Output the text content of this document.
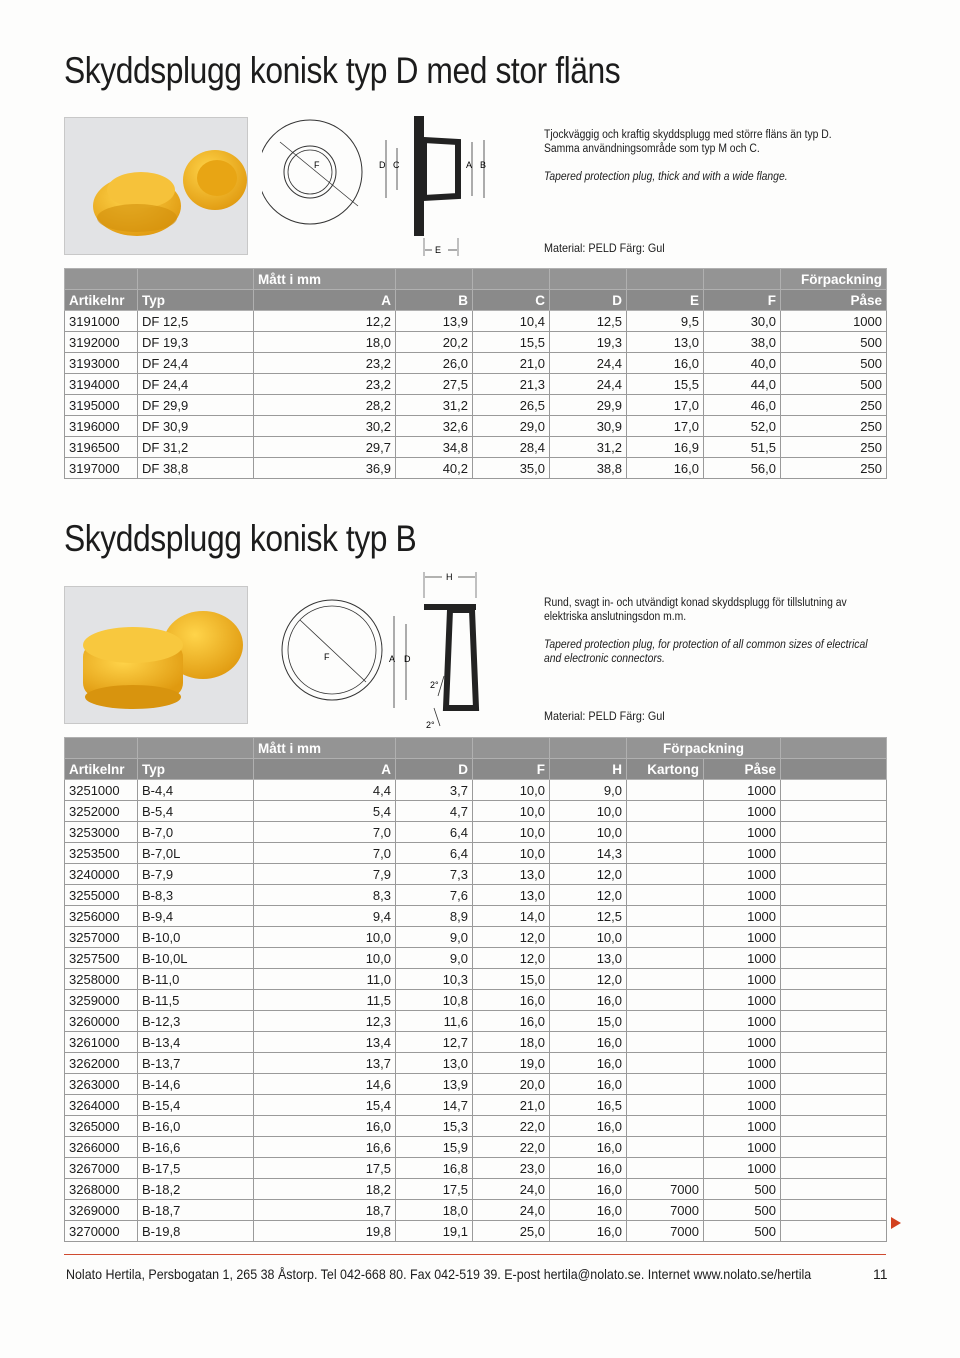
Skyddsplugg konisk typ D med stor fläns
F	D C	A B
E

Tjockväggig och kraftig skyddsplugg med större fläns än typ D. Samma användningsområde som typ M och C.

Tapered protection plug, thick and with a wide flange.

Material: PELD Färg: Gul
		Mått i mm						Förpackning
Artikelnr	Typ	A	B	C	D	E	F	Påse
3191000	DF 12,5	12,2	13,9	10,4	12,5	9,5	30,0	1000
3192000	DF 19,3	18,0	20,2	15,5	19,3	13,0	38,0	500
3193000	DF 24,4	23,2	26,0	21,0	24,4	16,0	40,0	500
3194000	DF 24,4	23,2	27,5	21,3	24,4	15,5	44,0	500
3195000	DF 29,9	28,2	31,2	26,5	29,9	17,0	46,0	250
3196000	DF 30,9	30,2	32,6	29,0	30,9	17,0	52,0	250
3196500	DF 31,2	29,7	34,8	28,4	31,2	16,9	51,5	250
3197000	DF 38,8	36,9	40,2	35,0	38,8	16,0	56,0	250
Skyddsplugg konisk typ B
F	A D
H
2°
2°

Rund, svagt in- och utvändigt konad skyddsplugg för tillslutning av elektriska anslutningsdon m.m.

Tapered protection plug, for protection of all common sizes of electrical and electronic connectors.

Material: PELD Färg: Gul
		Mått i mm				Förpackning		
Artikelnr	Typ	A	D	F	H	Kartong	Påse	
3251000	B-4,4	4,4	3,7	10,0	9,0		1000	
3252000	B-5,4	5,4	4,7	10,0	10,0		1000	
3253000	B-7,0	7,0	6,4	10,0	10,0		1000	
3253500	B-7,0L	7,0	6,4	10,0	14,3		1000	
3240000	B-7,9	7,9	7,3	13,0	12,0		1000	
3255000	B-8,3	8,3	7,6	13,0	12,0		1000	
3256000	B-9,4	9,4	8,9	14,0	12,5		1000	
3257000	B-10,0	10,0	9,0	12,0	10,0		1000	
3257500	B-10,0L	10,0	9,0	12,0	13,0		1000	
3258000	B-11,0	11,0	10,3	15,0	12,0		1000	
3259000	B-11,5	11,5	10,8	16,0	16,0		1000	
3260000	B-12,3	12,3	11,6	16,0	15,0		1000	
3261000	B-13,4	13,4	12,7	18,0	16,0		1000	
3262000	B-13,7	13,7	13,0	19,0	16,0		1000	
3263000	B-14,6	14,6	13,9	20,0	16,0		1000	
3264000	B-15,4	15,4	14,7	21,0	16,5		1000	
3265000	B-16,0	16,0	15,3	22,0	16,0		1000	
3266000	B-16,6	16,6	15,9	22,0	16,0		1000	
3267000	B-17,5	17,5	16,8	23,0	16,0		1000	
3268000	B-18,2	18,2	17,5	24,0	16,0	7000	500	
3269000	B-18,7	18,7	18,0	24,0	16,0	7000	500	
3270000	B-19,8	19,8	19,1	25,0	16,0	7000	500	
Nolato Hertila, Persbogatan 1, 265 38 Åstorp. Tel 042-668 80. Fax 042-519 39. E-post hertila@nolato.se. Internet www.nolato.se/hertila	11
